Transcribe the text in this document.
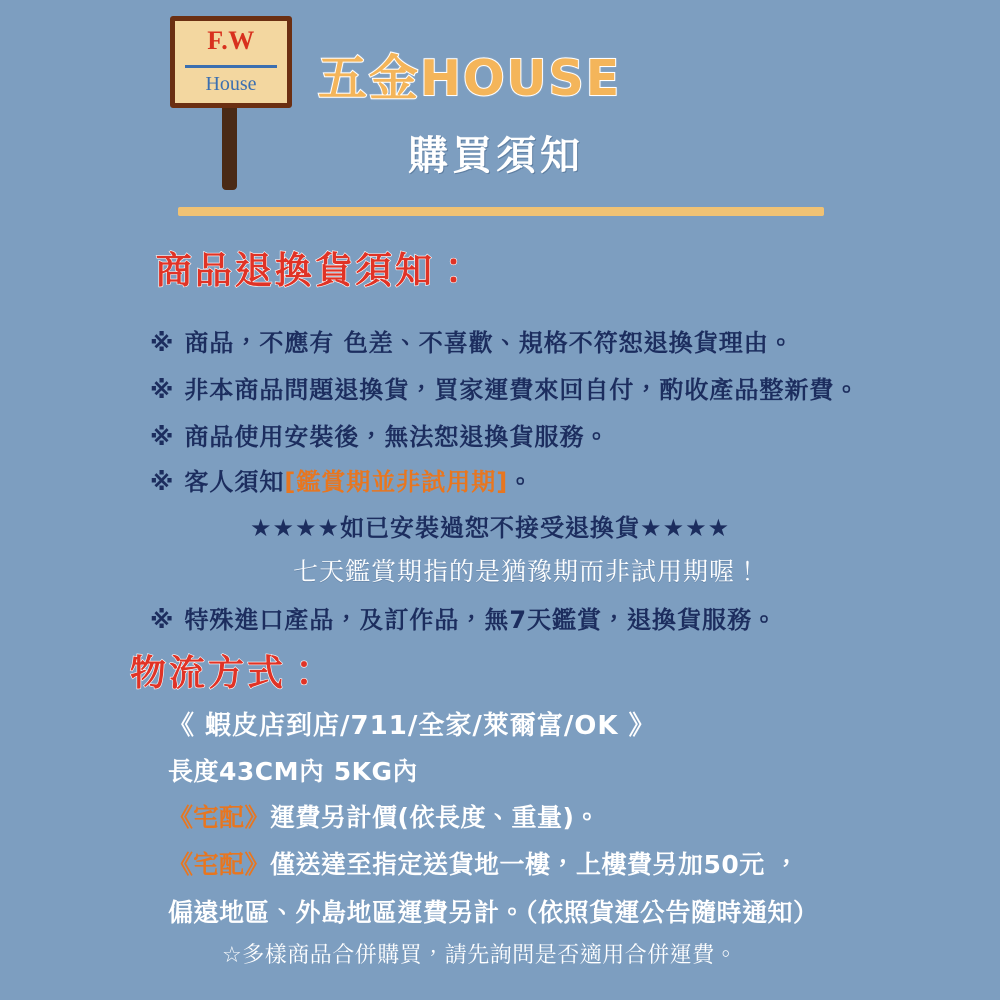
F.W
House	五金HOUSE
購買須知
商品退換貨須知：
※ 商品，不應有 色差、不喜歡、規格不符恕退換貨理由。
※ 非本商品問題退換貨，買家運費來回自付，酌收產品整新費。
※ 商品使用安裝後，無法恕退換貨服務。
※ 客人須知[鑑賞期並非試用期]。
★★★★如已安裝過恕不接受退換貨★★★★
七天鑑賞期指的是猶豫期而非試用期喔！
※ 特殊進口產品，及訂作品，無7天鑑賞，退換貨服務。
物流方式：
《 蝦皮店到店/711/全家/萊爾富/OK 》
長度43CM內 5KG內
《宅配》運費另計價(依長度、重量)。
《宅配》僅送達至指定送貨地一樓，上樓費另加50元 ，
偏遠地區、外島地區運費另計。（依照貨運公告隨時通知）
☆多樣商品合併購買，請先詢問是否適用合併運費。
